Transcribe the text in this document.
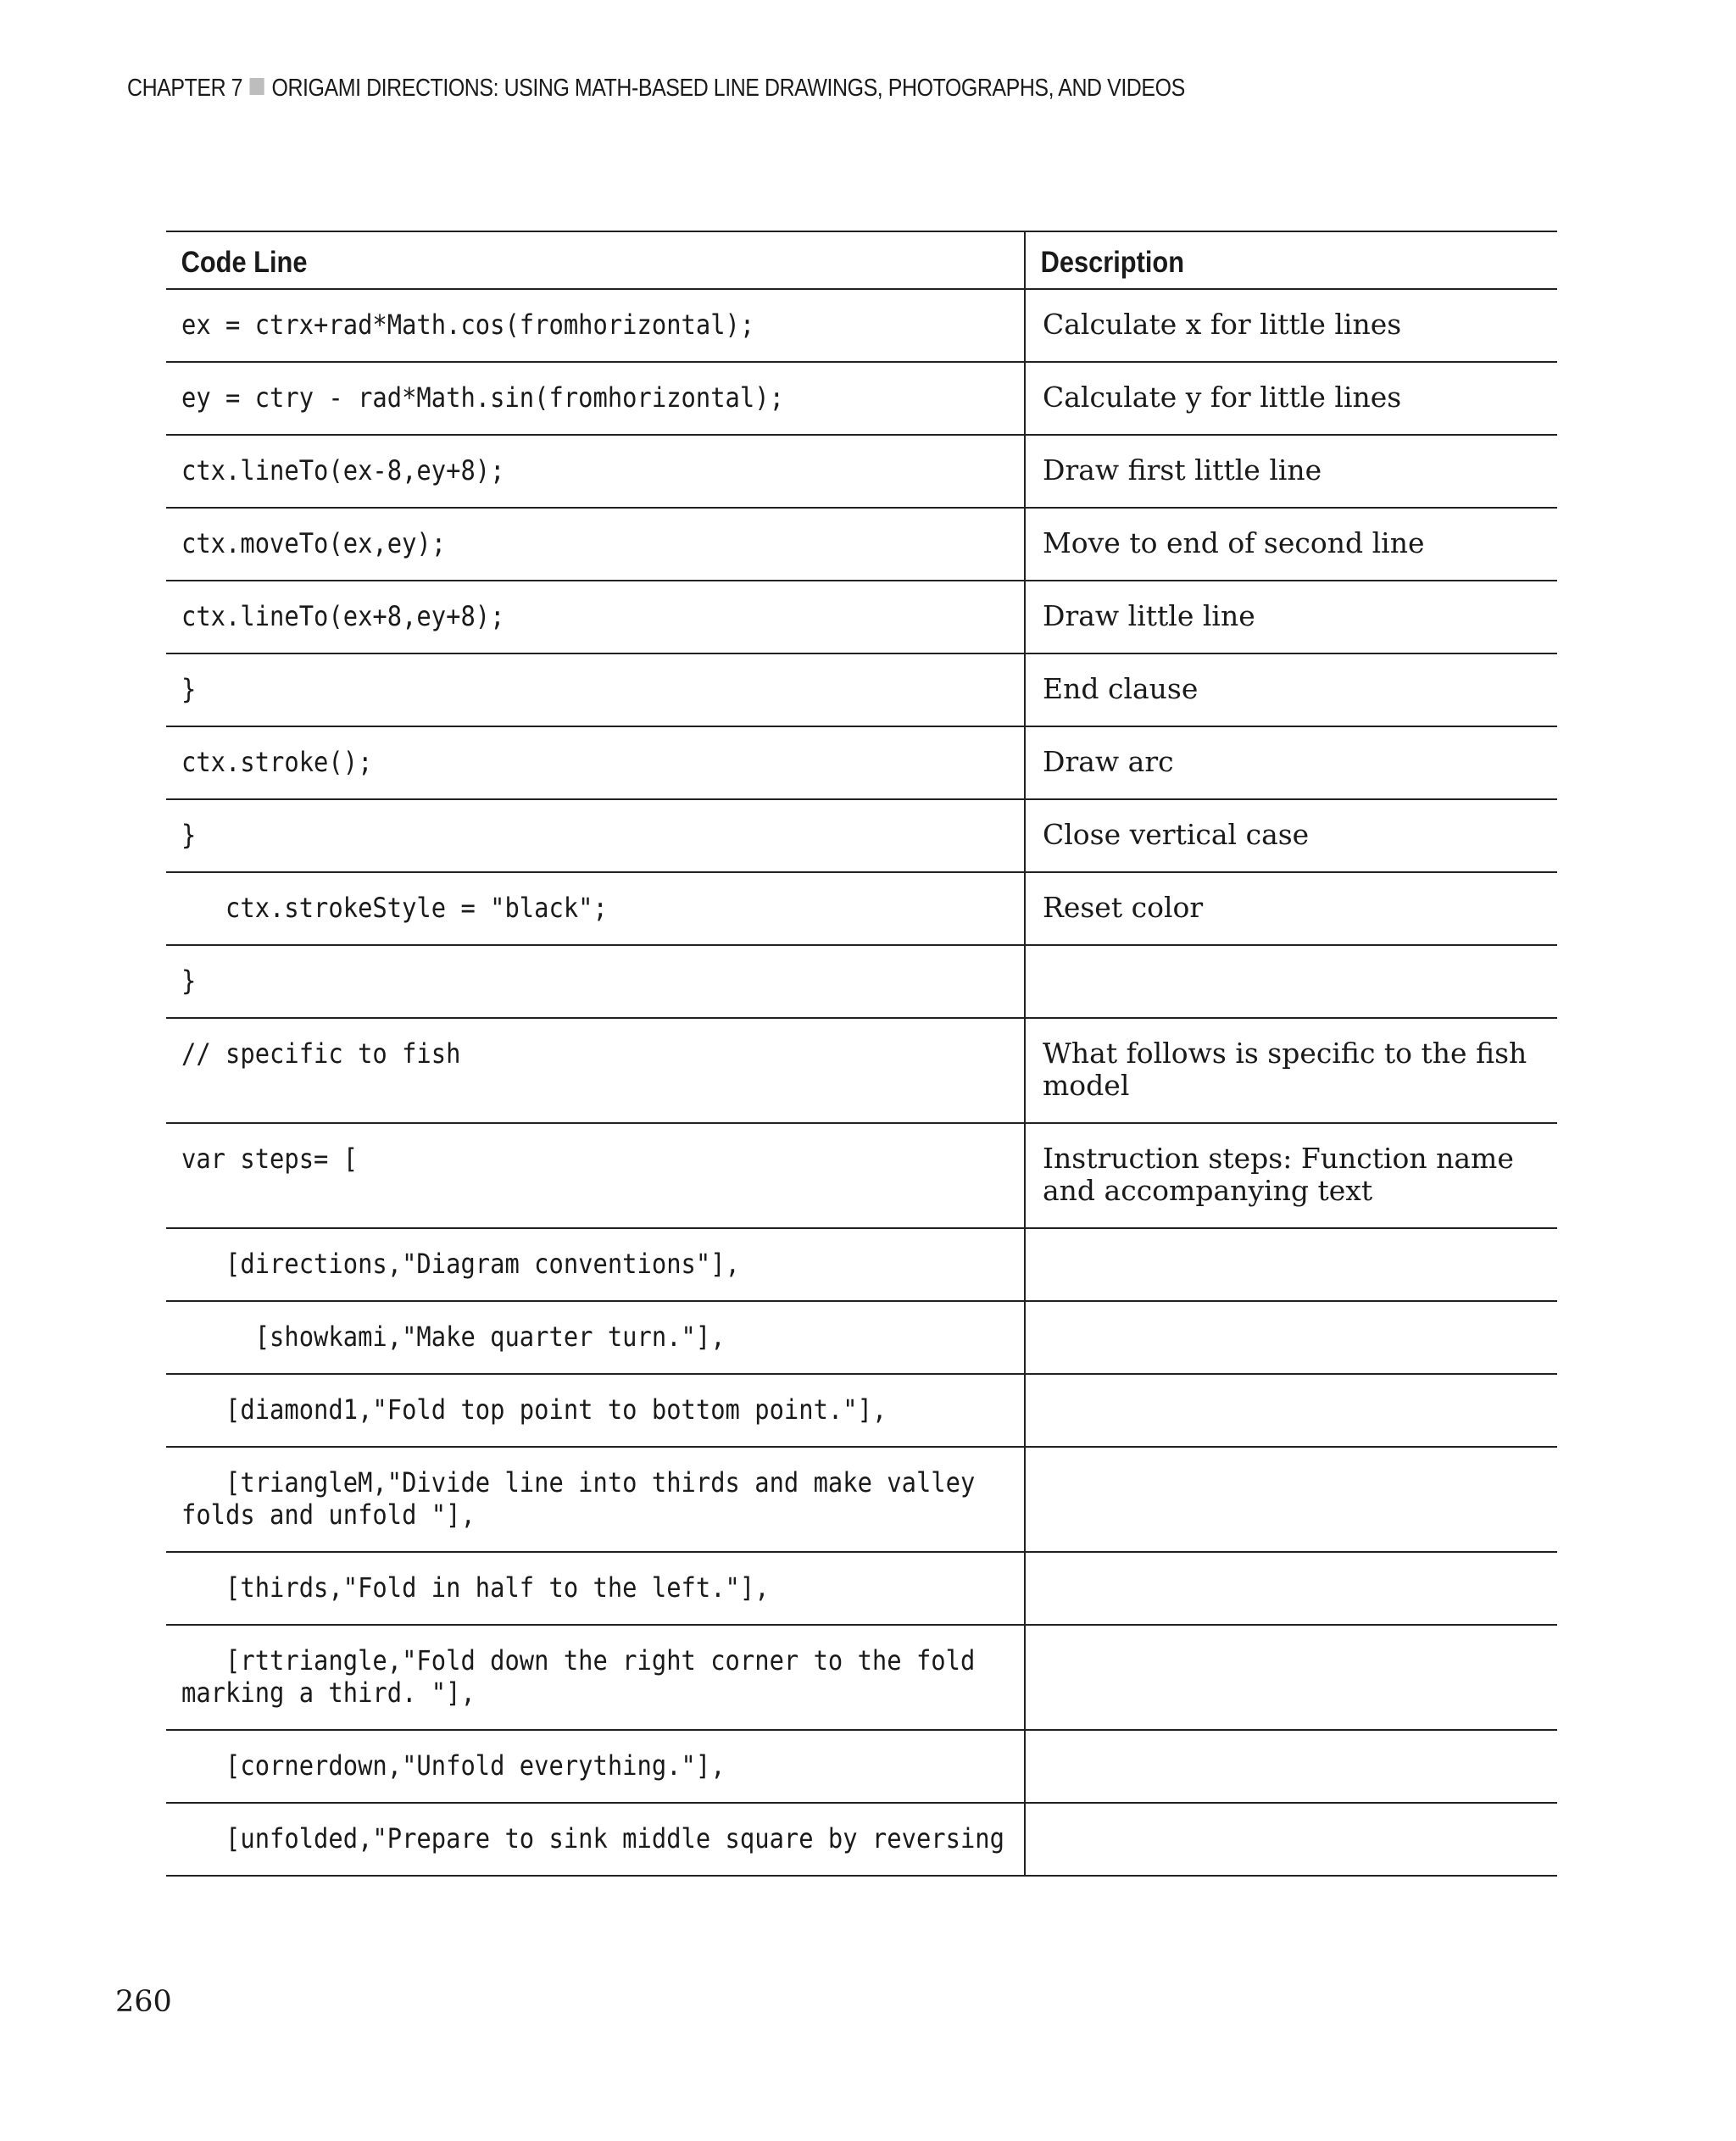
CHAPTER 7 ORIGAMI DIRECTIONS: USING MATH-BASED LINE DRAWINGS, PHOTOGRAPHS, AND VIDEOS
Code Line	Description

ex = ctrx+rad*Math.cos(fromhorizontal);	Calculate x for little lines

ey = ctry - rad*Math.sin(fromhorizontal);	Calculate y for little lines

ctx.lineTo(ex-8,ey+8);	Draw first little line

ctx.moveTo(ex,ey);	Move to end of second line

ctx.lineTo(ex+8,ey+8);	Draw little line

}	End clause

ctx.stroke();	Draw arc

}	Close vertical case

ctx.strokeStyle = "black";	Reset color

}	

// specific to fish	What follows is specific to the fish model

var steps= [	Instruction steps: Function name and accompanying text

[directions,"Diagram conventions"],	

[showkami,"Make quarter turn."],	

[diamond1,"Fold top point to bottom point."],	

[triangleM,"Divide line into thirds and make valley
folds and unfold "],	

[thirds,"Fold in half to the left."],	

[rttriangle,"Fold down the right corner to the fold
marking a third. "],	

[cornerdown,"Unfold everything."],	

[unfolded,"Prepare to sink middle square by reversing	

260
